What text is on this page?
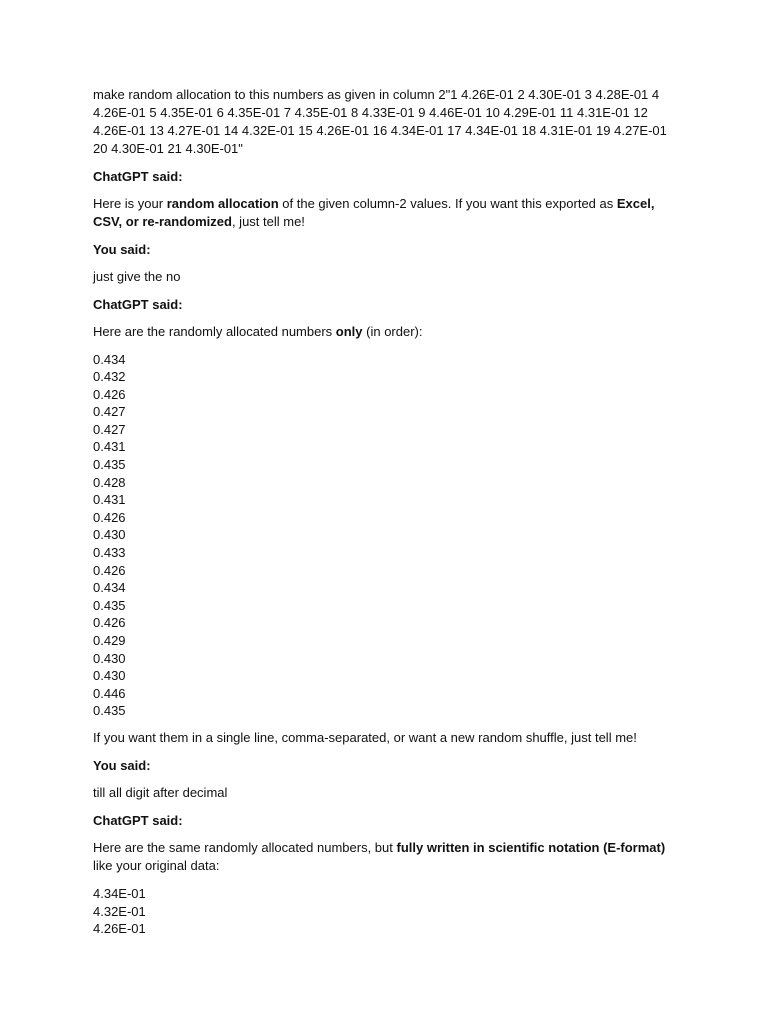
make random allocation to this numbers as given in column 2"1 4.26E-01 2 4.30E-01 3 4.28E-01 4 4.26E-01 5 4.35E-01 6 4.35E-01 7 4.35E-01 8 4.33E-01 9 4.46E-01 10 4.29E-01 11 4.31E-01 12 4.26E-01 13 4.27E-01 14 4.32E-01 15 4.26E-01 16 4.34E-01 17 4.34E-01 18 4.31E-01 19 4.27E-01 20 4.30E-01 21 4.30E-01"

ChatGPT said:

Here is your random allocation of the given column-2 values. If you want this exported as Excel, CSV, or re-randomized, just tell me!

You said:

just give the no

ChatGPT said:

Here are the randomly allocated numbers only (in order):

0.434
0.432
0.426
0.427
0.427
0.431
0.435
0.428
0.431
0.426
0.430
0.433
0.426
0.434
0.435
0.426
0.429
0.430
0.430
0.446
0.435

If you want them in a single line, comma-separated, or want a new random shuffle, just tell me!

You said:

till all digit after decimal

ChatGPT said:

Here are the same randomly allocated numbers, but fully written in scientific notation (E-format) like your original data:

4.34E-01
4.32E-01
4.26E-01
